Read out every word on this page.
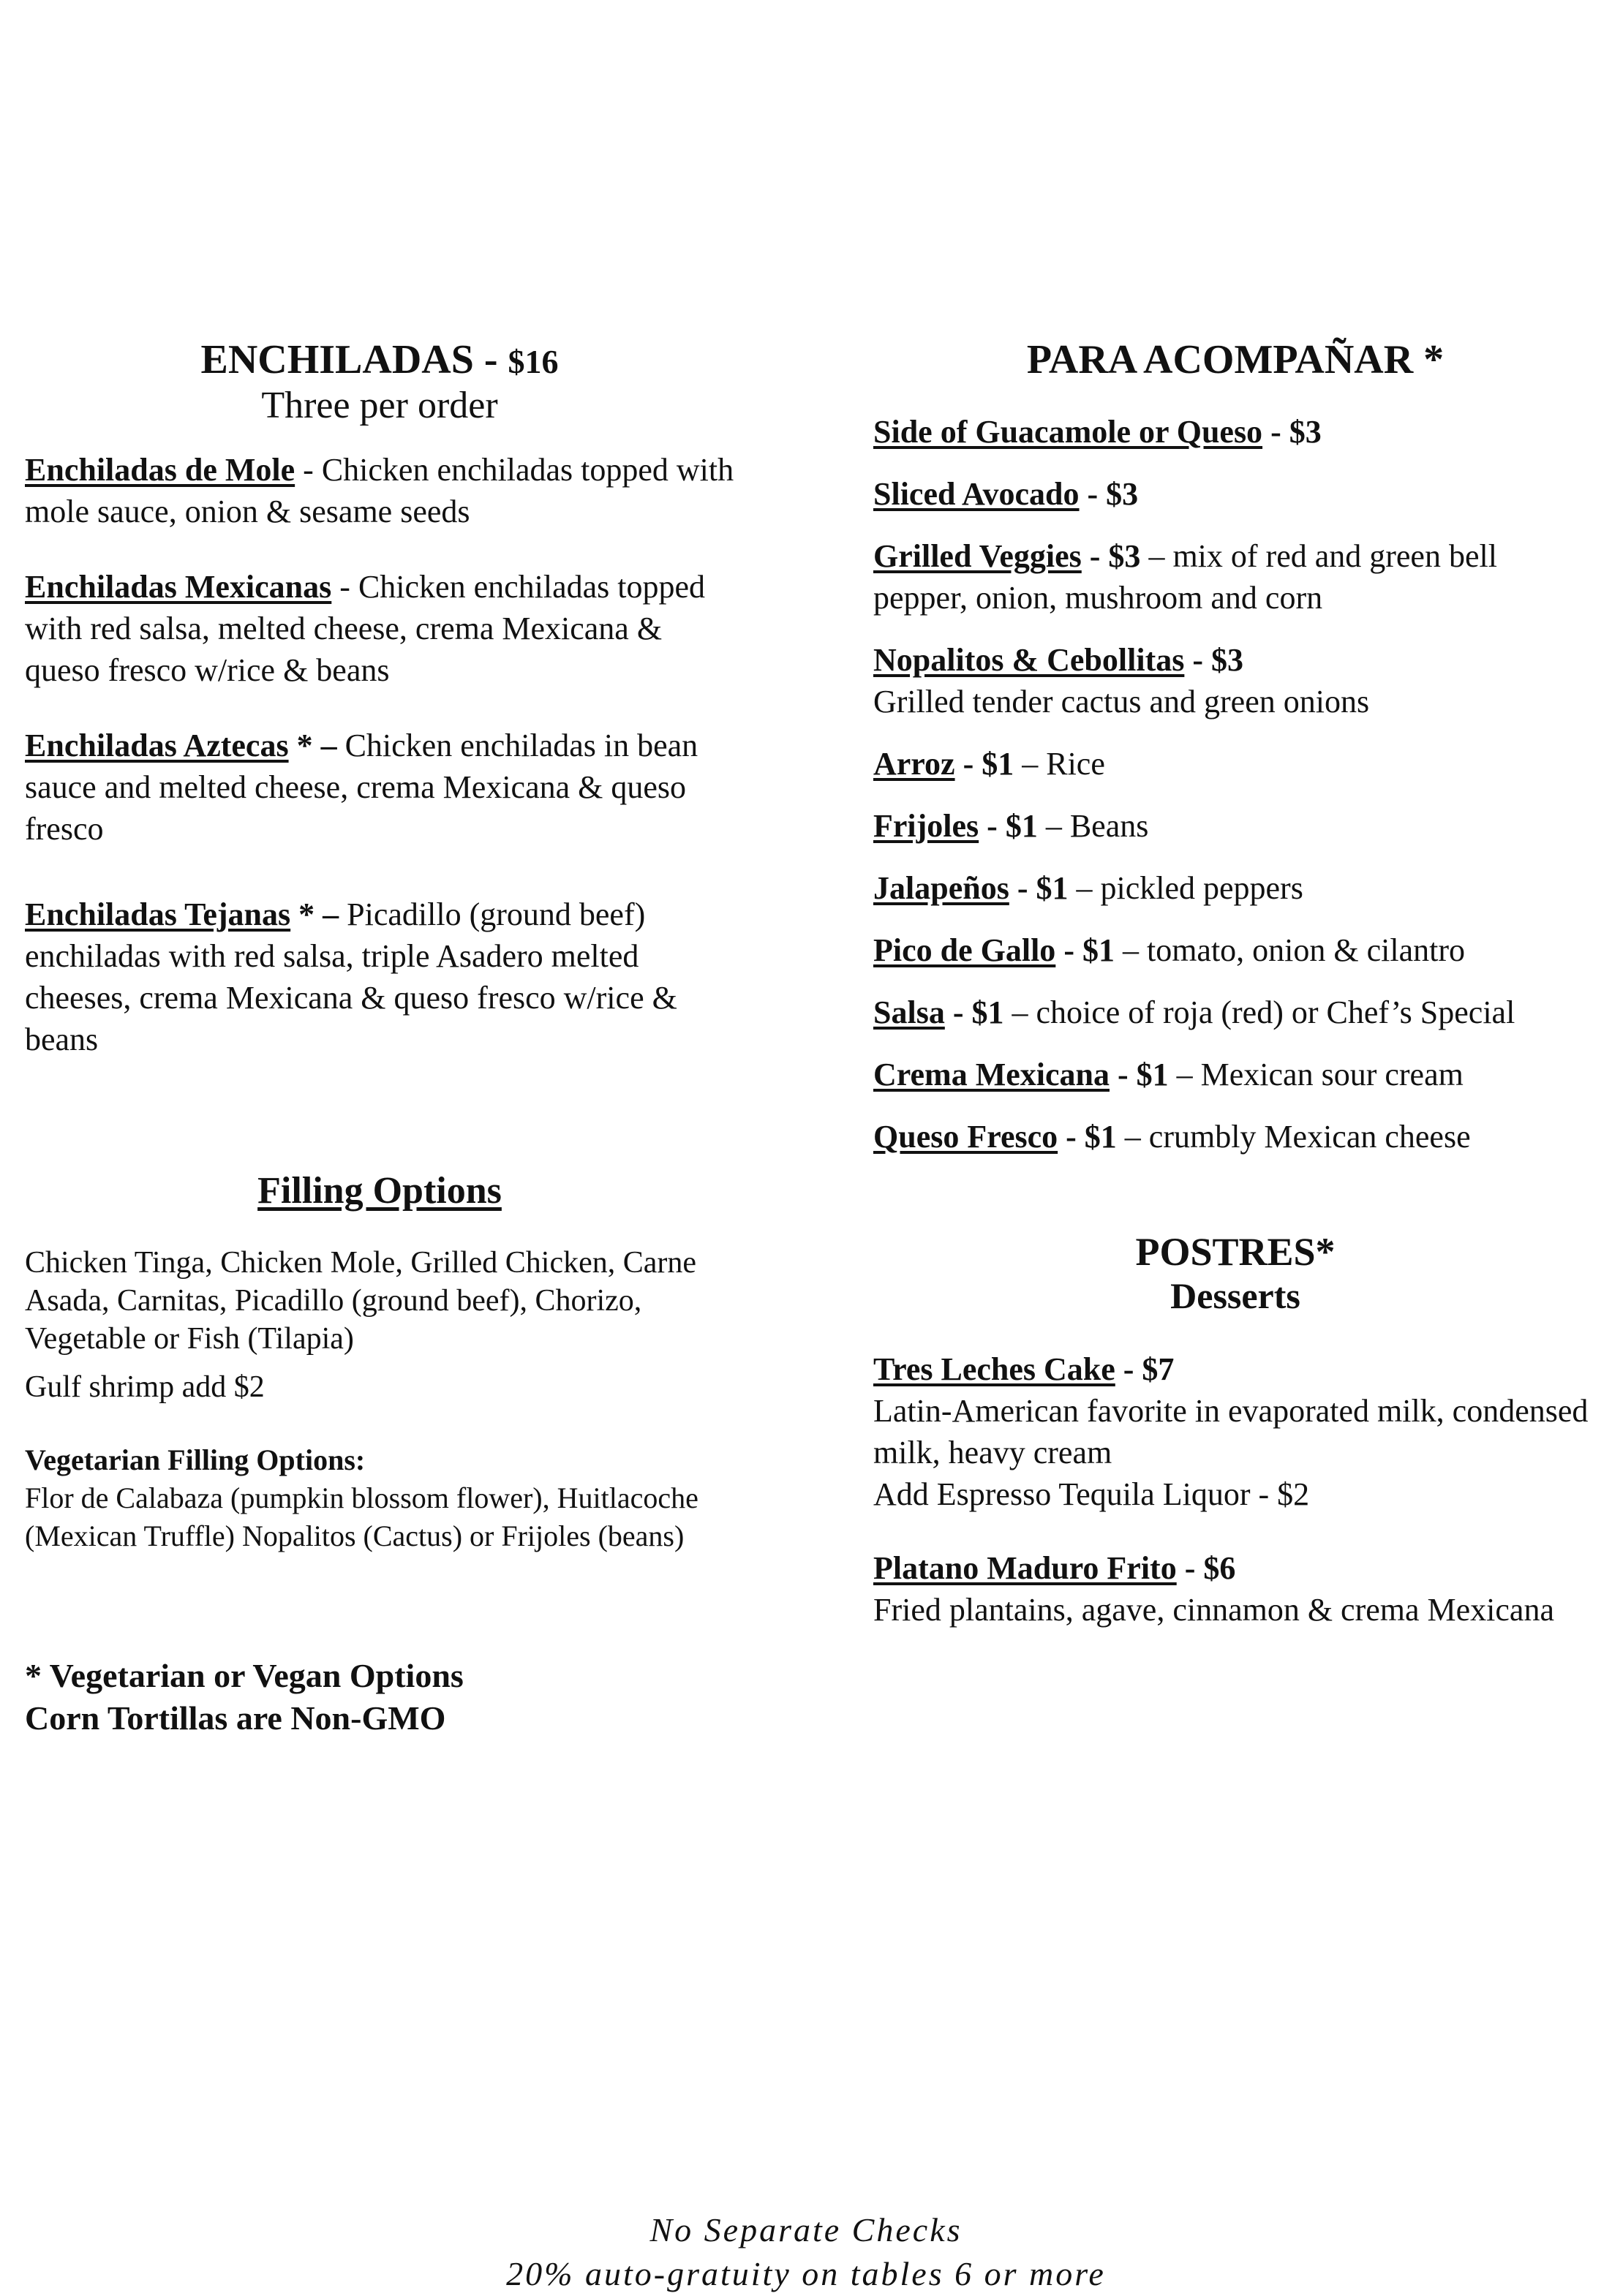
ENCHILADAS - $16

Three per order

Enchiladas de Mole - Chicken enchiladas topped with mole sauce, onion & sesame seeds

Enchiladas Mexicanas - Chicken enchiladas topped with red salsa, melted cheese, crema Mexicana & queso fresco w/rice & beans

Enchiladas Aztecas * – Chicken enchiladas in bean sauce and melted cheese, crema Mexicana & queso fresco

Enchiladas Tejanas * – Picadillo (ground beef) enchiladas with red salsa, triple Asadero melted cheeses, crema Mexicana & queso fresco w/rice & beans

Filling Options

Chicken Tinga, Chicken Mole, Grilled Chicken, Carne Asada, Carnitas, Picadillo (ground beef), Chorizo, Vegetable or Fish (Tilapia)

Gulf shrimp add $2

Vegetarian Filling Options:

Flor de Calabaza (pumpkin blossom flower), Huitlacoche (Mexican Truffle) Nopalitos (Cactus) or Frijoles (beans)

* Vegetarian or Vegan Options

Corn Tortillas are Non-GMO

PARA ACOMPAÑAR *

Side of Guacamole or Queso - $3

Sliced Avocado - $3

Grilled Veggies - $3 – mix of red and green bell pepper, onion, mushroom and corn

Nopalitos & Cebollitas - $3
Grilled tender cactus and green onions

Arroz - $1 – Rice

Frijoles - $1 – Beans

Jalapeños - $1 – pickled peppers

Pico de Gallo - $1 – tomato, onion & cilantro

Salsa - $1 – choice of roja (red) or Chef’s Special

Crema Mexicana - $1 – Mexican sour cream

Queso Fresco - $1 – crumbly Mexican cheese

POSTRES*

Desserts

Tres Leches Cake - $7
Latin-American favorite in evaporated milk, condensed milk, heavy cream
Add Espresso Tequila Liquor - $2

Platano Maduro Frito - $6
Fried plantains, agave, cinnamon & crema Mexicana

No Separate Checks
20% auto-gratuity on tables 6 or more
